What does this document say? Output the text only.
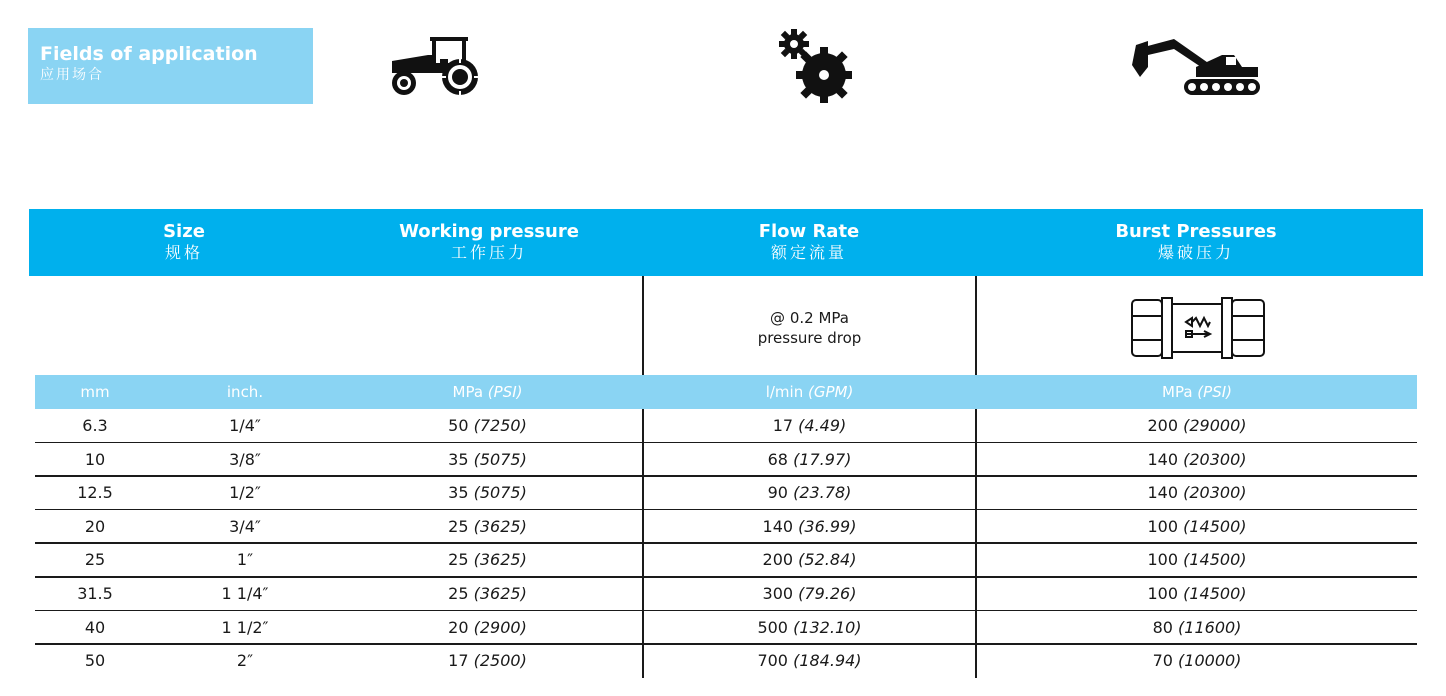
Fields of application
应用场合
Size
规格
Working pressure
工作压力
Flow Rate
额定流量
Burst Pressures
爆破压力
@ 0.2 MPa
pressure drop
mm	inch.	MPa (PSI)	l/min (GPM)	MPa (PSI)
6.3	1/4″	50 (7250)	17 (4.49)	200 (29000)
10	3/8″	35 (5075)	68 (17.97)	140 (20300)
12.5	1/2″	35 (5075)	90 (23.78)	140 (20300)
20	3/4″	25 (3625)	140 (36.99)	100 (14500)
25	1″	25 (3625)	200 (52.84)	100 (14500)
31.5	1 1/4″	25 (3625)	300 (79.26)	100 (14500)
40	1 1/2″	20 (2900)	500 (132.10)	80 (11600)
50	2″	17 (2500)	700 (184.94)	70 (10000)
